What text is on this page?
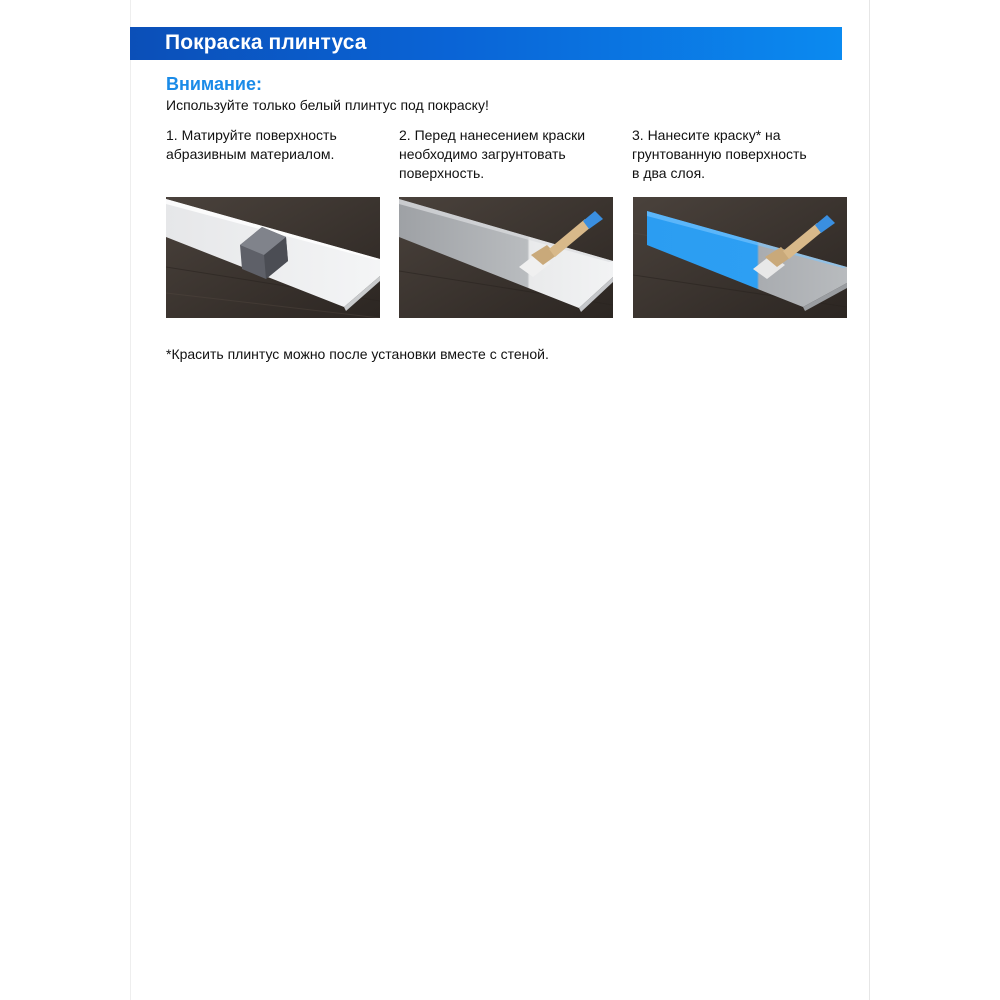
Покраска плинтуса
Внимание:
Используйте только белый плинтус под покраску!
1. Матируйте поверхность
абразивным материалом.
2. Перед нанесением краски
необходимо загрунтовать
поверхность.
3. Нанесите краску* на
грунтованную поверхность
в два слоя.
*Красить плинтус можно после установки вместе с стеной.
